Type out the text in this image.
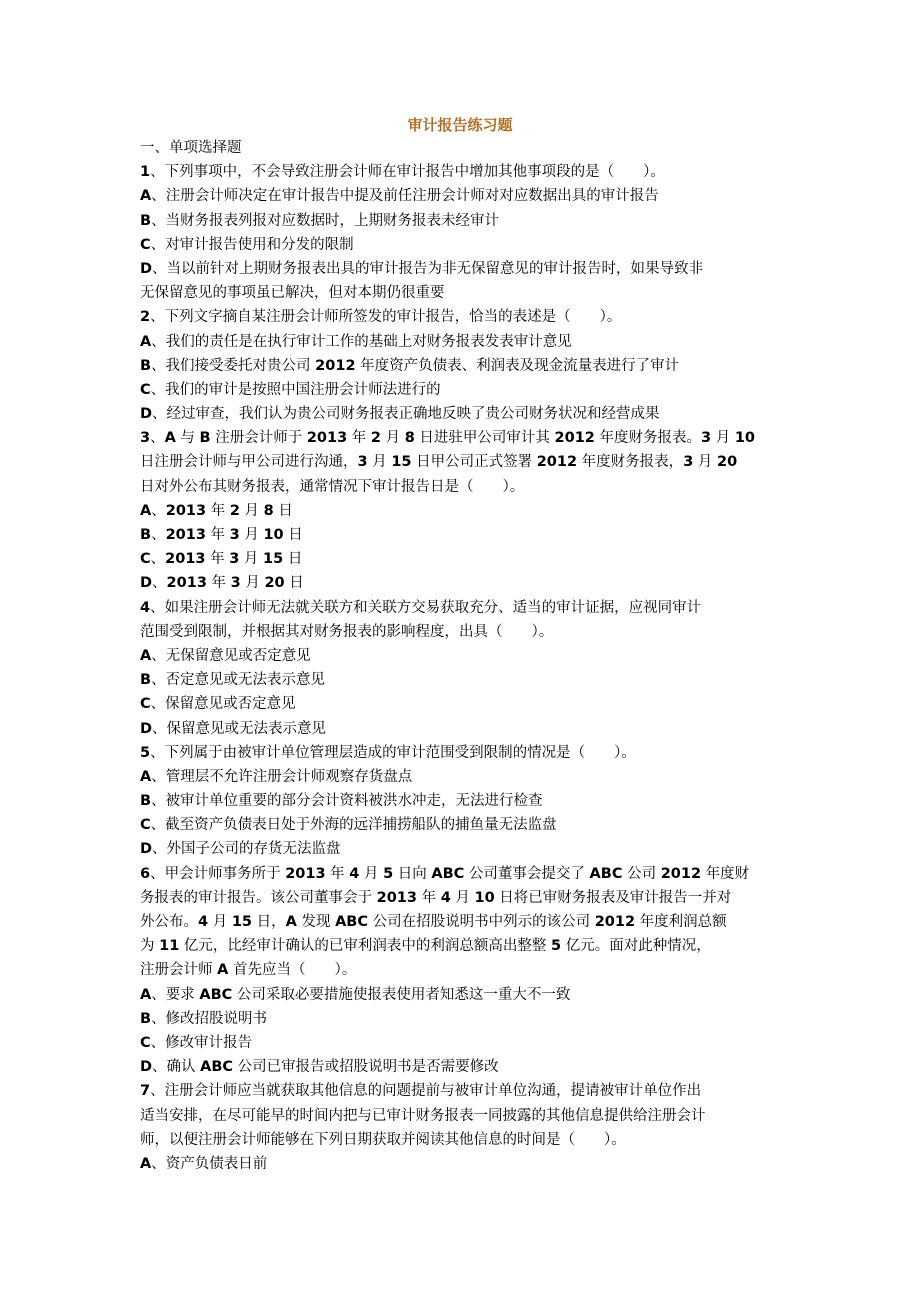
审计报告练习题
一、单项选择题
1、下列事项中，不会导致注册会计师在审计报告中增加其他事项段的是（　　）。
A、注册会计师决定在审计报告中提及前任注册会计师对对应数据出具的审计报告
B、当财务报表列报对应数据时，上期财务报表未经审计
C、对审计报告使用和分发的限制
D、当以前针对上期财务报表出具的审计报告为非无保留意见的审计报告时，如果导致非
无保留意见的事项虽已解决，但对本期仍很重要
2、下列文字摘自某注册会计师所签发的审计报告，恰当的表述是（　　）。
A、我们的责任是在执行审计工作的基础上对财务报表发表审计意见
B、我们接受委托对贵公司 2012 年度资产负债表、利润表及现金流量表进行了审计
C、我们的审计是按照中国注册会计师法进行的
D、经过审查，我们认为贵公司财务报表正确地反映了贵公司财务状况和经营成果
3、A 与 B 注册会计师于 2013 年 2 月 8 日进驻甲公司审计其 2012 年度财务报表。3 月 10
日注册会计师与甲公司进行沟通，3 月 15 日甲公司正式签署 2012 年度财务报表，3 月 20
日对外公布其财务报表，通常情况下审计报告日是（　　）。
A、2013 年 2 月 8 日
B、2013 年 3 月 10 日
C、2013 年 3 月 15 日
D、2013 年 3 月 20 日
4、如果注册会计师无法就关联方和关联方交易获取充分、适当的审计证据，应视同审计
范围受到限制，并根据其对财务报表的影响程度，出具（　　）。
A、无保留意见或否定意见
B、否定意见或无法表示意见
C、保留意见或否定意见
D、保留意见或无法表示意见
5、下列属于由被审计单位管理层造成的审计范围受到限制的情况是（　　）。
A、管理层不允许注册会计师观察存货盘点
B、被审计单位重要的部分会计资料被洪水冲走，无法进行检查
C、截至资产负债表日处于外海的远洋捕捞船队的捕鱼量无法监盘
D、外国子公司的存货无法监盘
6、甲会计师事务所于 2013 年 4 月 5 日向 ABC 公司董事会提交了 ABC 公司 2012 年度财
务报表的审计报告。该公司董事会于 2013 年 4 月 10 日将已审财务报表及审计报告一并对
外公布。4 月 15 日，A 发现 ABC 公司在招股说明书中列示的该公司 2012 年度利润总额
为 11 亿元，比经审计确认的已审利润表中的利润总额高出整整 5 亿元。面对此种情况，
注册会计师 A 首先应当（　　）。
A、要求 ABC 公司采取必要措施使报表使用者知悉这一重大不一致
B、修改招股说明书
C、修改审计报告
D、确认 ABC 公司已审报告或招股说明书是否需要修改
7、注册会计师应当就获取其他信息的问题提前与被审计单位沟通，提请被审计单位作出
适当安排，在尽可能早的时间内把与已审计财务报表一同披露的其他信息提供给注册会计
师，以便注册会计师能够在下列日期获取并阅读其他信息的时间是（　　）。
A、资产负债表日前
